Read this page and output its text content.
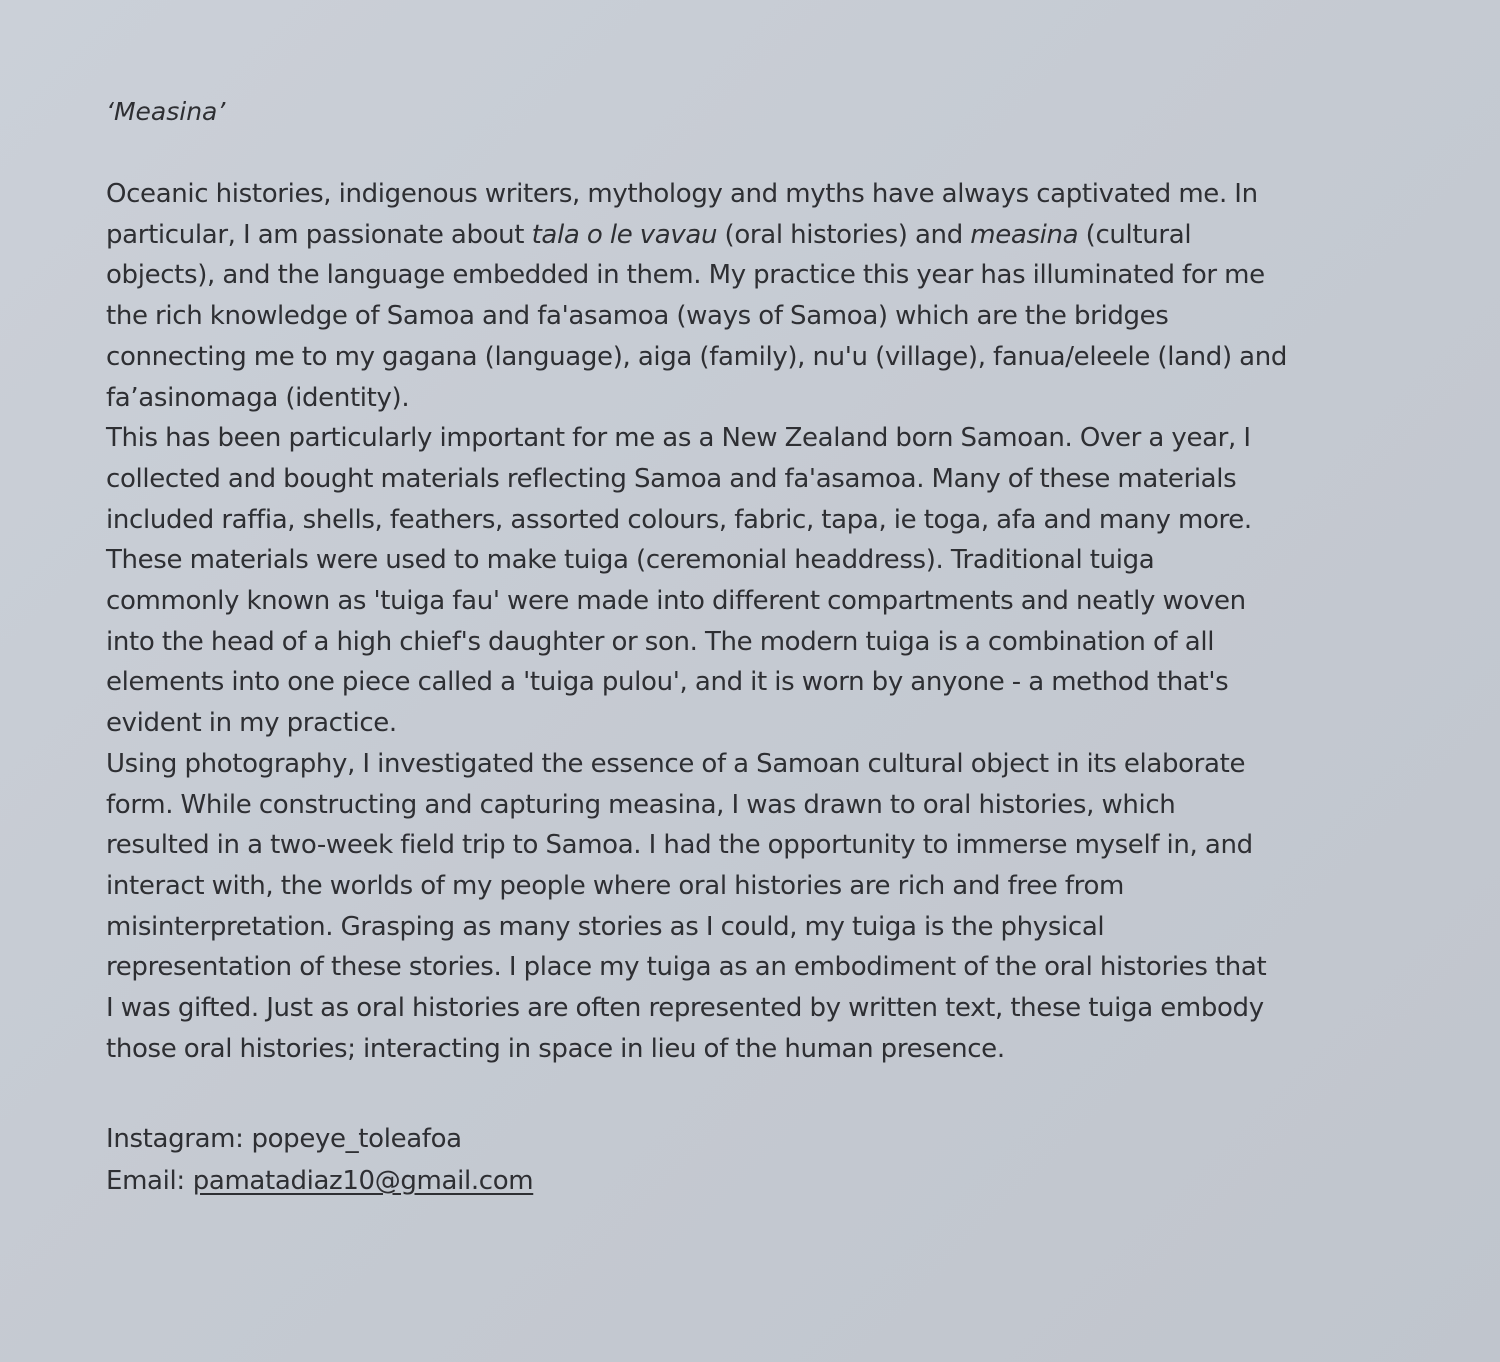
‘Measina’
Oceanic histories, indigenous writers, mythology and myths have always captivated me. In
particular, I am passionate about tala o le vavau (oral histories) and measina (cultural
objects), and the language embedded in them. My practice this year has illuminated for me
the rich knowledge of Samoa and fa'asamoa (ways of Samoa) which are the bridges
connecting me to my gagana (language), aiga (family), nu'u (village), fanua/eleele (land) and
fa’asinomaga (identity).
This has been particularly important for me as a New Zealand born Samoan. Over a year, I
collected and bought materials reflecting Samoa and fa'asamoa. Many of these materials
included raffia, shells, feathers, assorted colours, fabric, tapa, ie toga, afa and many more.
These materials were used to make tuiga (ceremonial headdress). Traditional tuiga
commonly known as 'tuiga fau' were made into different compartments and neatly woven
into the head of a high chief's daughter or son. The modern tuiga is a combination of all
elements into one piece called a 'tuiga pulou', and it is worn by anyone - a method that's
evident in my practice.
Using photography, I investigated the essence of a Samoan cultural object in its elaborate
form. While constructing and capturing measina, I was drawn to oral histories, which
resulted in a two-week field trip to Samoa. I had the opportunity to immerse myself in, and
interact with, the worlds of my people where oral histories are rich and free from
misinterpretation. Grasping as many stories as I could, my tuiga is the physical
representation of these stories. I place my tuiga as an embodiment of the oral histories that
I was gifted. Just as oral histories are often represented by written text, these tuiga embody
those oral histories; interacting in space in lieu of the human presence.
Instagram: popeye_toleafoa
Email: pamatadiaz10@gmail.com
